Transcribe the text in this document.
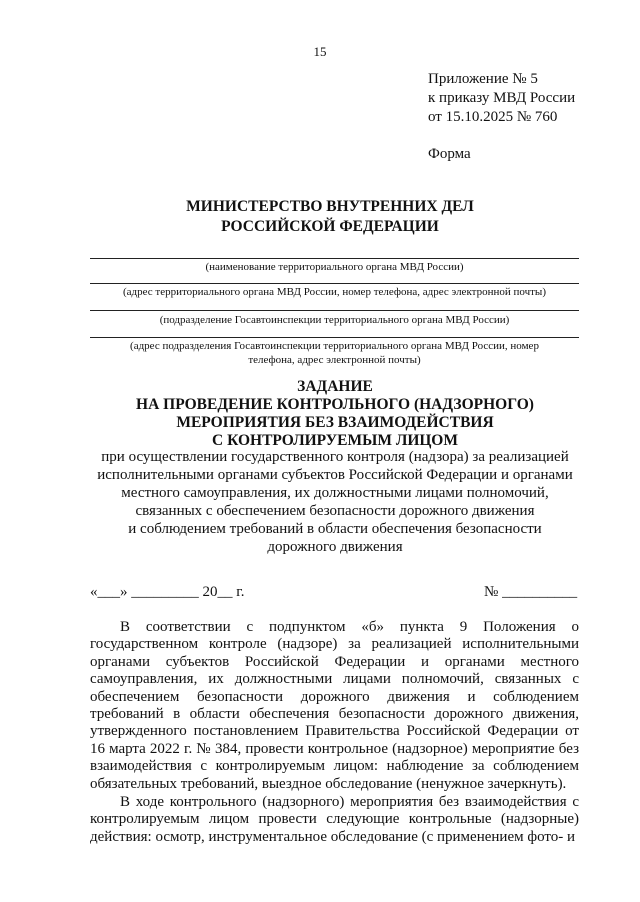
15
Приложение № 5
к приказу МВД России
от 15.10.2025 № 760
Форма
МИНИСТЕРСТВО ВНУТРЕННИХ ДЕЛ
РОССИЙСКОЙ ФЕДЕРАЦИИ
(наименование территориального органа МВД России)
(адрес территориального органа МВД России, номер телефона, адрес электронной почты)
(подразделение Госавтоинспекции территориального органа МВД России)
(адрес подразделения Госавтоинспекции территориального органа МВД России, номер
телефона, адрес электронной почты)
ЗАДАНИЕ
НА ПРОВЕДЕНИЕ КОНТРОЛЬНОГО (НАДЗОРНОГО)
МЕРОПРИЯТИЯ БЕЗ ВЗАИМОДЕЙСТВИЯ
С КОНТРОЛИРУЕМЫМ ЛИЦОМ
при осуществлении государственного контроля (надзора) за реализацией
исполнительными органами субъектов Российской Федерации и органами
местного самоуправления, их должностными лицами полномочий,
связанных с обеспечением безопасности дорожного движения
и соблюдением требований в области обеспечения безопасности
дорожного движения
«___» _________ 20__ г.	№ __________

В соответствии с подпунктом «б» пункта 9 Положения о государственном контроле (надзоре) за реализацией исполнительными органами субъектов Российской Федерации и органами местного самоуправления, их должностными лицами полномочий, связанных с обеспечением безопасности дорожного движения и соблюдением требований в области обеспечения безопасности дорожного движения, утвержденного постановлением Правительства Российской Федерации от 16 марта 2022 г. № 384, провести контрольное (надзорное) мероприятие без взаимодействия с контролируемым лицом: наблюдение за соблюдением обязательных требований, выездное обследование (ненужное зачеркнуть).

В ходе контрольного (надзорного) мероприятия без взаимодействия с контролируемым лицом провести следующие контрольные (надзорные) действия: осмотр, инструментальное обследование (с применением фото- и
